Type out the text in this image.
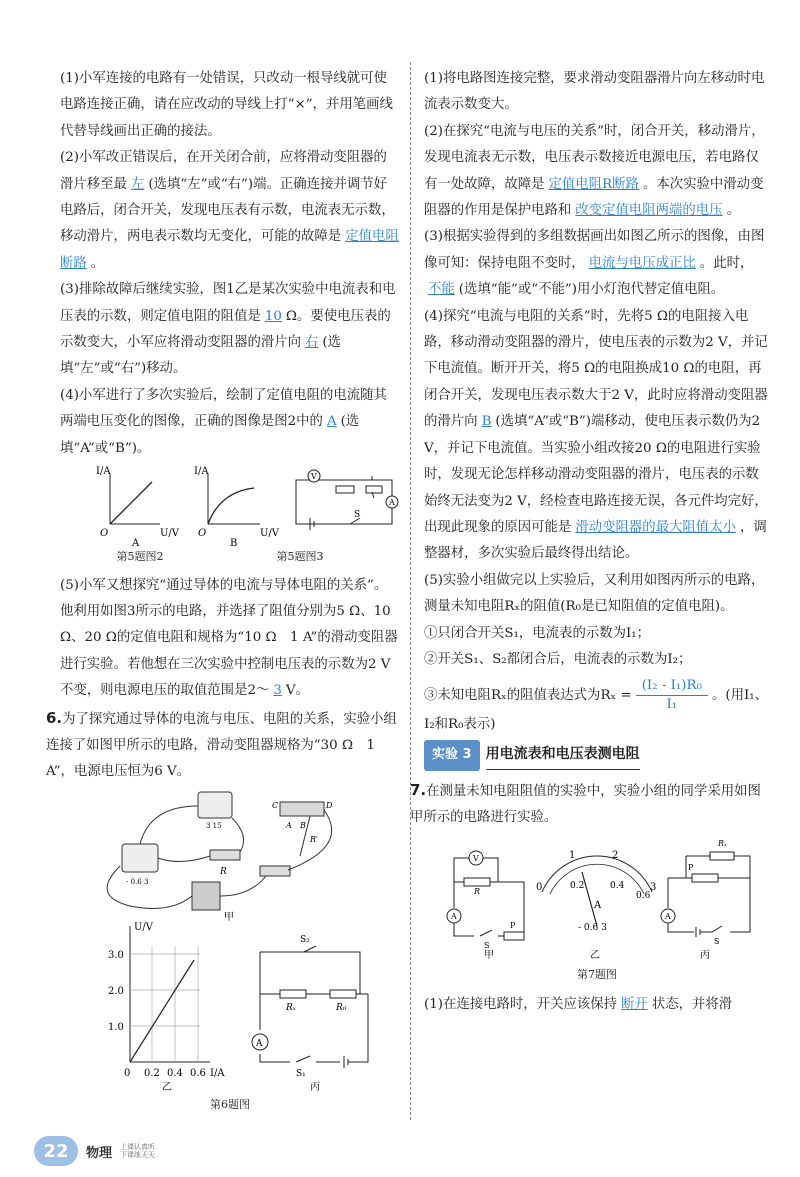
(1)小军连接的电路有一处错误，只改动一根导线就可使电路连接正确，请在应改动的导线上打“×”，并用笔画线代替导线画出正确的接法。

(2)小军改正错误后，在开关闭合前，应将滑动变阻器的滑片移至最 左 (选填“左”或“右”)端。正确连接并调节好电路后，闭合开关，发现电压表有示数，电流表无示数，移动滑片，两电表示数均无变化，可能的故障是 定值电阻断路 。

(3)排除故障后继续实验，图1乙是某次实验中电流表和电压表的示数，则定值电阻的阻值是 10 Ω。要使电压表的示数变大，小军应将滑动变阻器的滑片向 右 (选填“左”或“右”)移动。

(4)小军进行了多次实验后，绘制了定值电阻的电流随其两端电压变化的图像，正确的图像是图2中的 A (选填“A”或“B”)。

I/A
U/V
O
A
I/A
U/V
O
B
V
A
S
第5题图2	第5题图3

(5)小军又想探究“通过导体的电流与导体电阻的关系”。他利用如图3所示的电路，并选择了阻值分别为5 Ω、10 Ω、20 Ω的定值电阻和规格为“10 Ω　1 A”的滑动变阻器进行实验。若他想在三次实验中控制电压表的示数为2 V不变，则电源电压的取值范围是2～ 3 V。

6.为了探究通过导体的电流与电压、电阻的关系，实验小组连接了如图甲所示的电路，滑动变阻器规格为“30 Ω　1 A”，电源电压恒为6 V。

3 15
- 0.6 3
C	D
A B
R′
R
甲
U/V
I/A
3.0
2.0
1.0
0 0.2 0.4 0.6
乙
S₂
Rₓ	R₀
A
S₁
丙
第6题图

(1)将电路图连接完整，要求滑动变阻器滑片向左移动时电流表示数变大。

(2)在探究“电流与电压的关系”时，闭合开关，移动滑片，发现电流表无示数，电压表示数接近电源电压，若电路仅有一处故障，故障是 定值电阻R断路 。本次实验中滑动变阻器的作用是保护电路和 改变定值电阻两端的电压 。

(3)根据实验得到的多组数据画出如图乙所示的图像，由图像可知：保持电阻不变时， 电流与电压成正比 。此时，不能 (选填“能”或“不能”)用小灯泡代替定值电阻。

(4)探究“电流与电阻的关系”时，先将5 Ω的电阻接入电路，移动滑动变阻器的滑片，使电压表的示数为2 V，并记下电流值。断开开关，将5 Ω的电阻换成10 Ω的电阻，再闭合开关，发现电压表示数大于2 V，此时应将滑动变阻器的滑片向 B (选填“A”或“B”)端移动，使电压表示数仍为2 V，并记下电流值。当实验小组改接20 Ω的电阻进行实验时，发现无论怎样移动滑动变阻器的滑片，电压表的示数始终无法变为2 V，经检查电路连接无误，各元件均完好，出现此现象的原因可能是 滑动变阻器的最大阻值太小 ，调整器材，多次实验后最终得出结论。

(5)实验小组做完以上实验后，又利用如图丙所示的电路，测量未知电阻Rₓ的阻值(R₀是已知阻值的定值电阻)。

①只闭合开关S₁，电流表的示数为I₁；

②开关S₁、S₂都闭合后，电流表的示数为I₂；

③未知电阻Rₓ的阻值表达式为$R_x = \frac{\text{(I₂ - I₁)R₀}}{\text{I₁}}$ 。(用I₁、I₂和R₀表示)

实验 3	用电流表和电压表测电阻

7.在测量未知电阻阻值的实验中，实验小组的同学采用如图甲所示的电路进行实验。

V
A
R
P
S
甲
0
1	2
3
0.2	0.4
0.6
A
- 0.6 3
乙
Rₓ
P
A
S
丙
第7题图

(1)在连接电路时，开关应该保持 断开 状态，并将滑

22	物理 上课认真听
下课练天天
